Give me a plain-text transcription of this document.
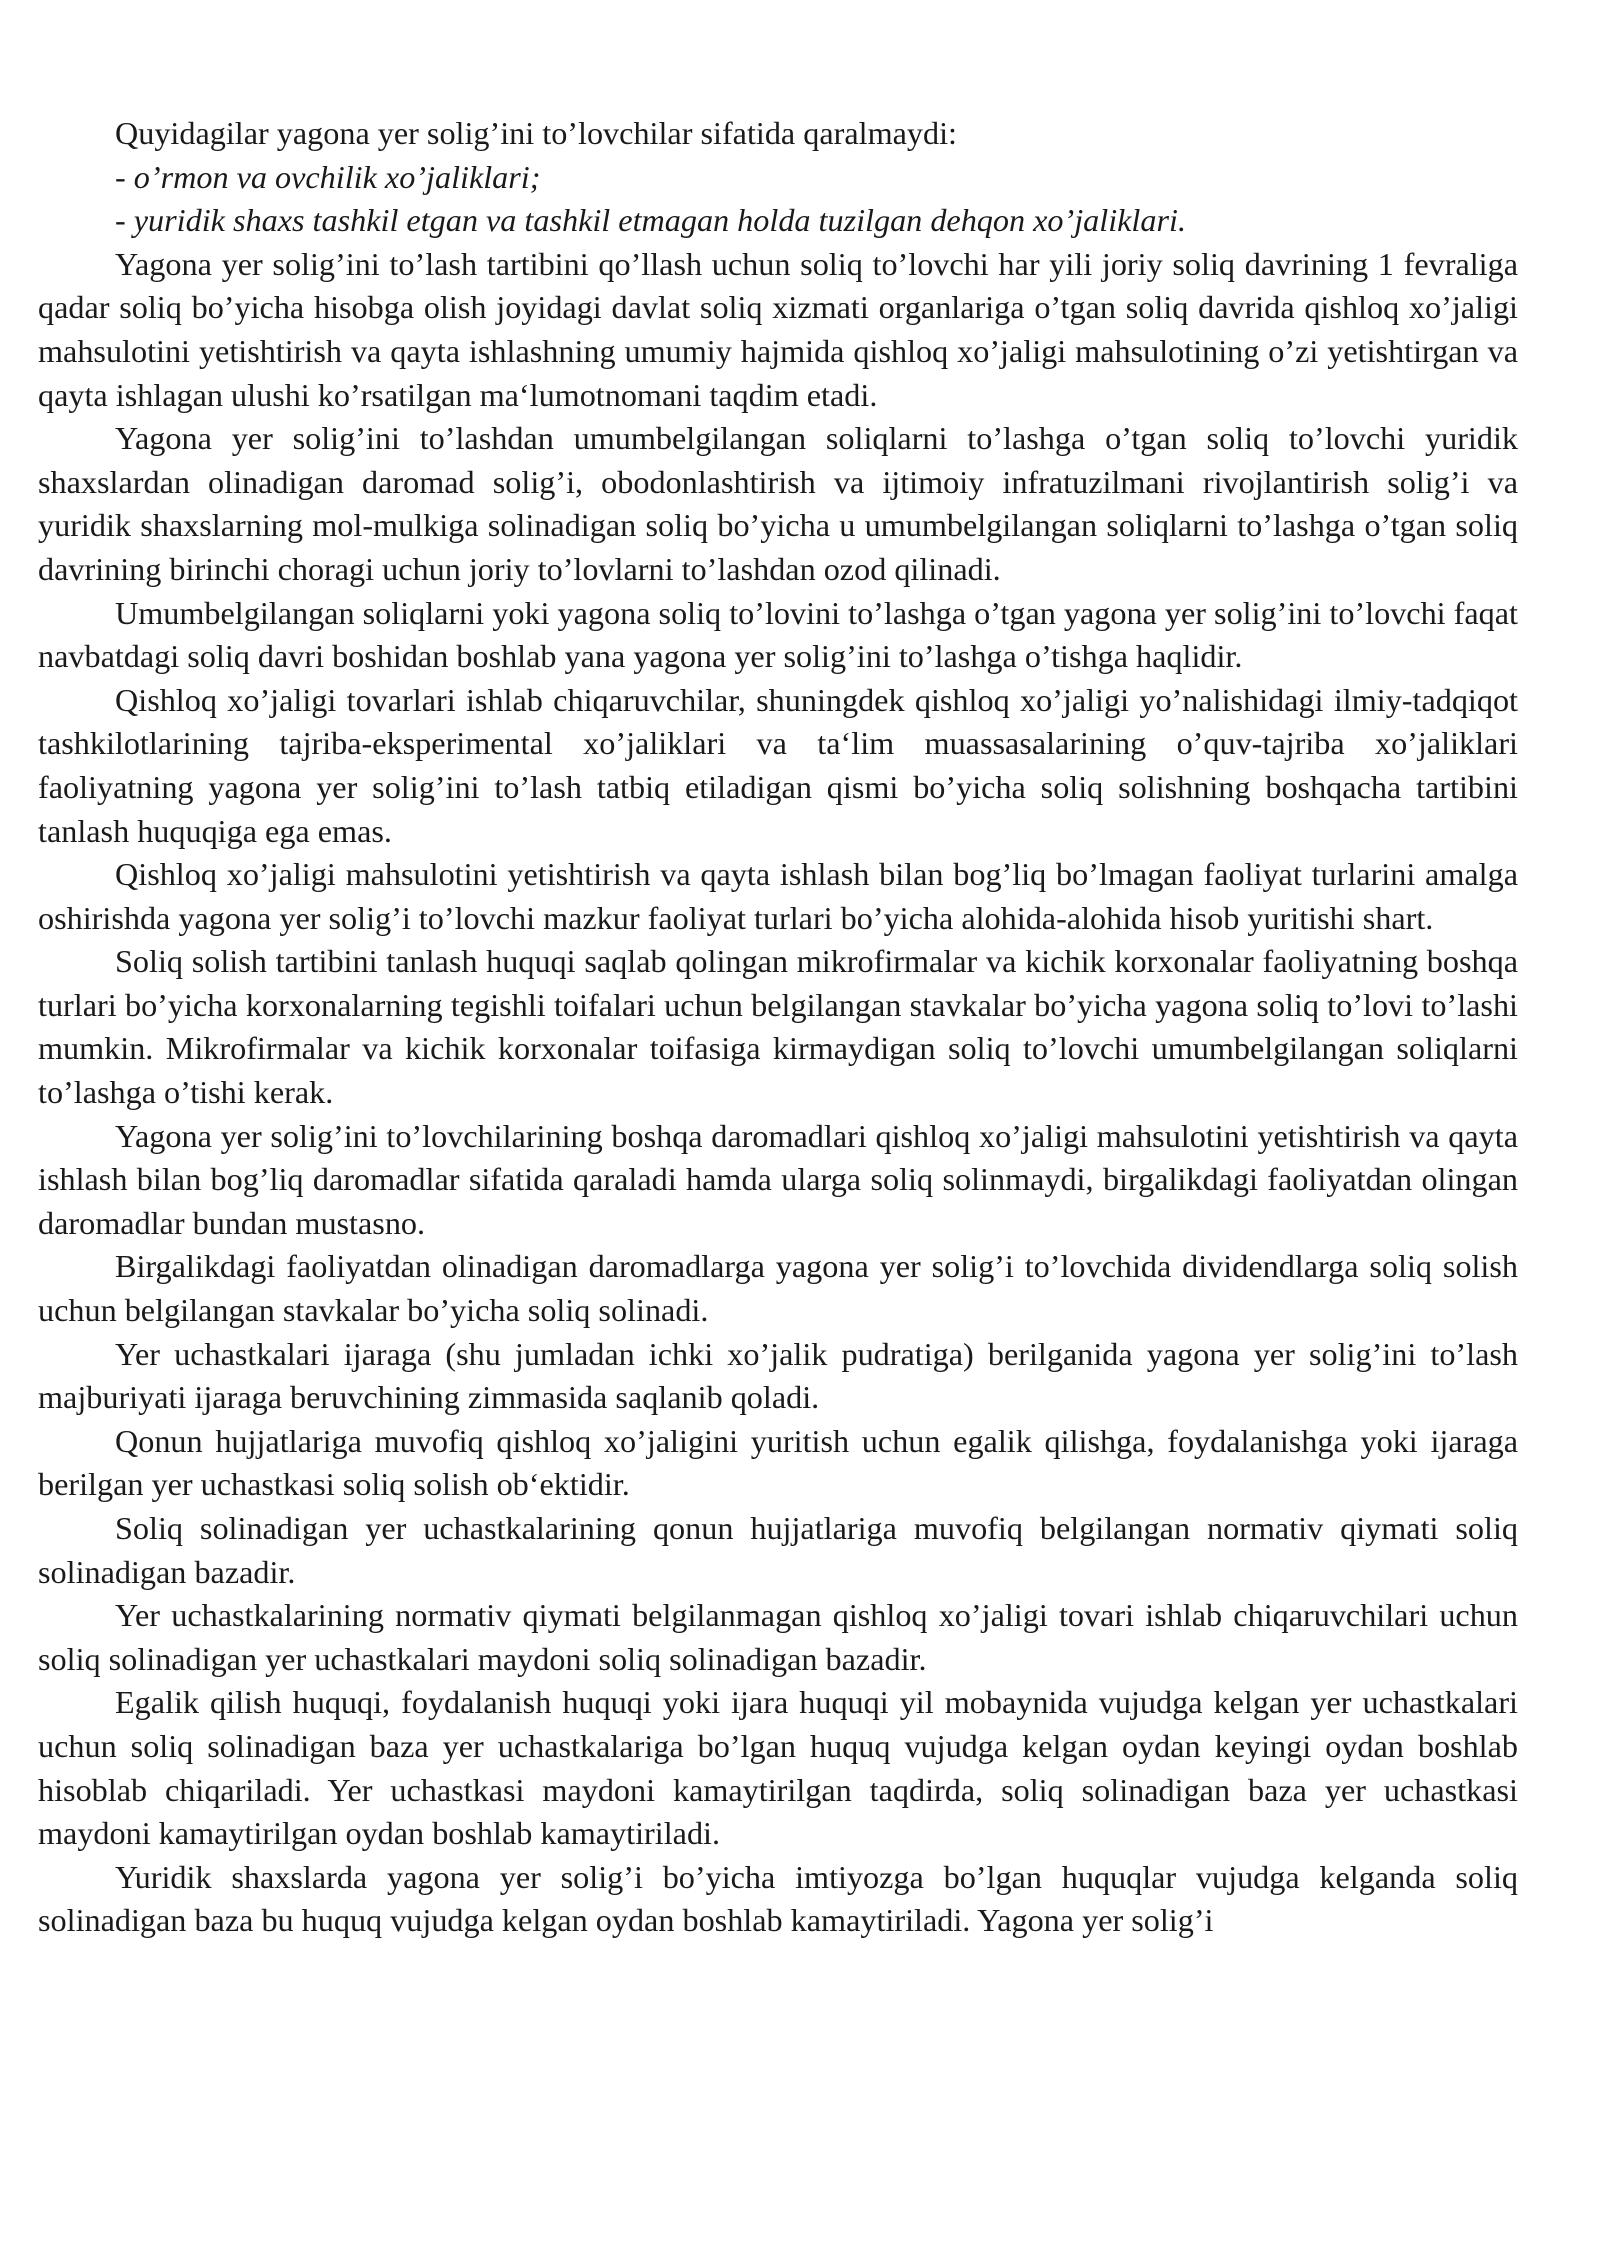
Quyidagilar yagona yer solig’ini to’lovchilar sifatida qaralmaydi:

- o’rmon va ovchilik xo’jaliklari;

- yuridik shaxs tashkil etgan va tashkil etmagan holda tuzilgan dehqon xo’jaliklari.

Yagona yer solig’ini to’lash tartibini qo’llash uchun soliq to’lovchi har yili joriy soliq davrining 1 fevraliga qadar soliq bo’yicha hisobga olish joyidagi davlat soliq xizmati organlariga o’tgan soliq davrida qishloq xo’jaligi mahsulotini yetishtirish va qayta ishlashning umumiy hajmida qishloq xo’jaligi mahsulotining o’zi yetishtirgan va qayta ishlagan ulushi ko’rsatilgan ma‘lumotnomani taqdim etadi.

Yagona yer solig’ini to’lashdan umumbelgilangan soliqlarni to’lashga o’tgan soliq to’lovchi yuridik shaxslardan olinadigan daromad solig’i, obodonlashtirish va ijtimoiy infratuzilmani rivojlantirish solig’i va yuridik shaxslarning mol-mulkiga solinadigan soliq bo’yicha u umumbelgilangan soliqlarni to’lashga o’tgan soliq davrining birinchi choragi uchun joriy to’lovlarni to’lashdan ozod qilinadi.

Umumbelgilangan soliqlarni yoki yagona soliq to’lovini to’lashga o’tgan yagona yer solig’ini to’lovchi faqat navbatdagi soliq davri boshidan boshlab yana yagona yer solig’ini to’lashga o’tishga haqlidir.

Qishloq xo’jaligi tovarlari ishlab chiqaruvchilar, shuningdek qishloq xo’jaligi yo’nalishidagi ilmiy-tadqiqot tashkilotlarining tajriba-eksperimental xo’jaliklari va ta‘lim muassasalarining o’quv-tajriba xo’jaliklari faoliyatning yagona yer solig’ini to’lash tatbiq etiladigan qismi bo’yicha soliq solishning boshqacha tartibini tanlash huquqiga ega emas.

Qishloq xo’jaligi mahsulotini yetishtirish va qayta ishlash bilan bog’liq bo’lmagan faoliyat turlarini amalga oshirishda yagona yer solig’i to’lovchi mazkur faoliyat turlari bo’yicha alohida-alohida hisob yuritishi shart.

Soliq solish tartibini tanlash huquqi saqlab qolingan mikrofirmalar va kichik korxonalar faoliyatning boshqa turlari bo’yicha korxonalarning tegishli toifalari uchun belgilangan stavkalar bo’yicha yagona soliq to’lovi to’lashi mumkin. Mikrofirmalar va kichik korxonalar toifasiga kirmaydigan soliq to’lovchi umumbelgilangan soliqlarni to’lashga o’tishi kerak.

Yagona yer solig’ini to’lovchilarining boshqa daromadlari qishloq xo’jaligi mahsulotini yetishtirish va qayta ishlash bilan bog’liq daromadlar sifatida qaraladi hamda ularga soliq solinmaydi, birgalikdagi faoliyatdan olingan daromadlar bundan mustasno.

Birgalikdagi faoliyatdan olinadigan daromadlarga yagona yer solig’i to’lovchida dividendlarga soliq solish uchun belgilangan stavkalar bo’yicha soliq solinadi.

Yer uchastkalari ijaraga (shu jumladan ichki xo’jalik pudratiga) berilganida yagona yer solig’ini to’lash majburiyati ijaraga beruvchining zimmasida saqlanib qoladi.

Qonun hujjatlariga muvofiq qishloq xo’jaligini yuritish uchun egalik qilishga, foydalanishga yoki ijaraga berilgan yer uchastkasi soliq solish ob‘ektidir.

Soliq solinadigan yer uchastkalarining qonun hujjatlariga muvofiq belgilangan normativ qiymati soliq solinadigan bazadir.

Yer uchastkalarining normativ qiymati belgilanmagan qishloq xo’jaligi tovari ishlab chiqaruvchilari uchun soliq solinadigan yer uchastkalari maydoni soliq solinadigan bazadir.

Egalik qilish huquqi, foydalanish huquqi yoki ijara huquqi yil mobaynida vujudga kelgan yer uchastkalari uchun soliq solinadigan baza yer uchastkalariga bo’lgan huquq vujudga kelgan oydan keyingi oydan boshlab hisoblab chiqariladi. Yer uchastkasi maydoni kamaytirilgan taqdirda, soliq solinadigan baza yer uchastkasi maydoni kamaytirilgan oydan boshlab kamaytiriladi.

Yuridik shaxslarda yagona yer solig’i bo’yicha imtiyozga bo’lgan huquqlar vujudga kelganda soliq solinadigan baza bu huquq vujudga kelgan oydan boshlab kamaytiriladi. Yagona yer solig’i
